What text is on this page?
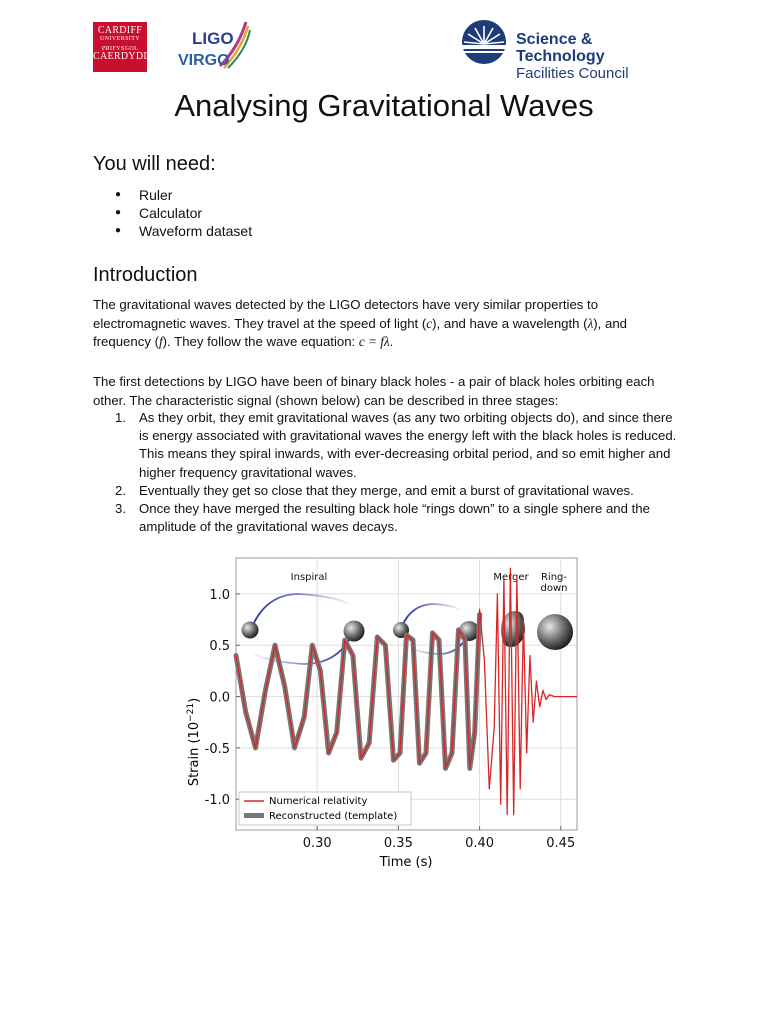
CARDIFF
UNIVERSITY
PRIFYSGOL
CAERDYDD
LIGO
VIRGO
Science & Technology
Facilities Council
Analysing Gravitational Waves
You will need:
● Ruler
● Calculator
● Waveform dataset
Introduction

The gravitational waves detected by the LIGO detectors have very similar properties to electromagnetic waves. They travel at the speed of light (c), and have a wavelength (λ), and frequency (f). They follow the wave equation: c = fλ.

The first detections by LIGO have been of binary black holes - a pair of black holes orbiting each other. The characteristic signal (shown below) can be described in three stages:

1. As they orbit, they emit gravitational waves (as any two orbiting objects do), and since there is energy associated with gravitational waves the energy left with the black holes is reduced. This means they spiral inwards, with ever-decreasing orbital period, and so emit higher and higher frequency gravitational waves.
2. Eventually they get so close that they merge, and emit a burst of gravitational waves.
3. Once they have merged the resulting black hole “rings down” to a single sphere and the amplitude of the gravitational waves decays.
Inspiral	Merger Ring-down
0.30	0.35	0.40	0.45
1.0
0.5
0.0
-0.5
-1.0
Time (s)
Strain $(10^{-21})$
Numerical relativity
Reconstructed (template)
